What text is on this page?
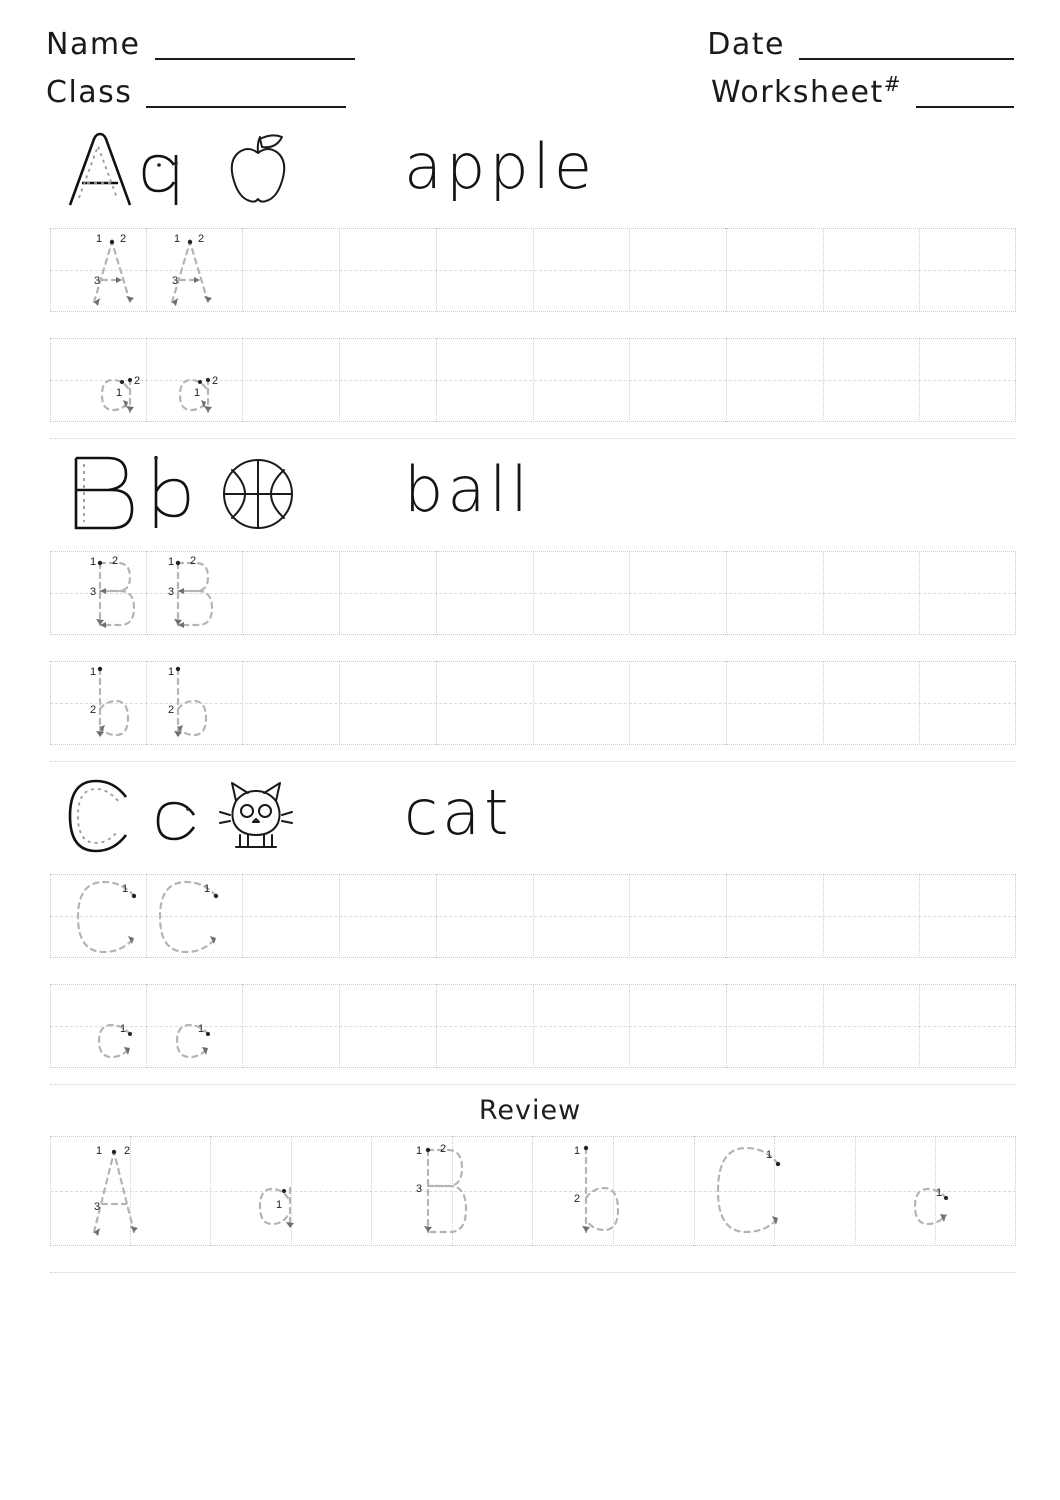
Name	Date
Class	Worksheet#
apple
1 2
3
1 2
3
1
2
1
2
ball
1 2
3
1 2
3
1
2
1
2
cat
1	1
1	1
Review
1 2
3	1
1 2
3
1
2
1
1
